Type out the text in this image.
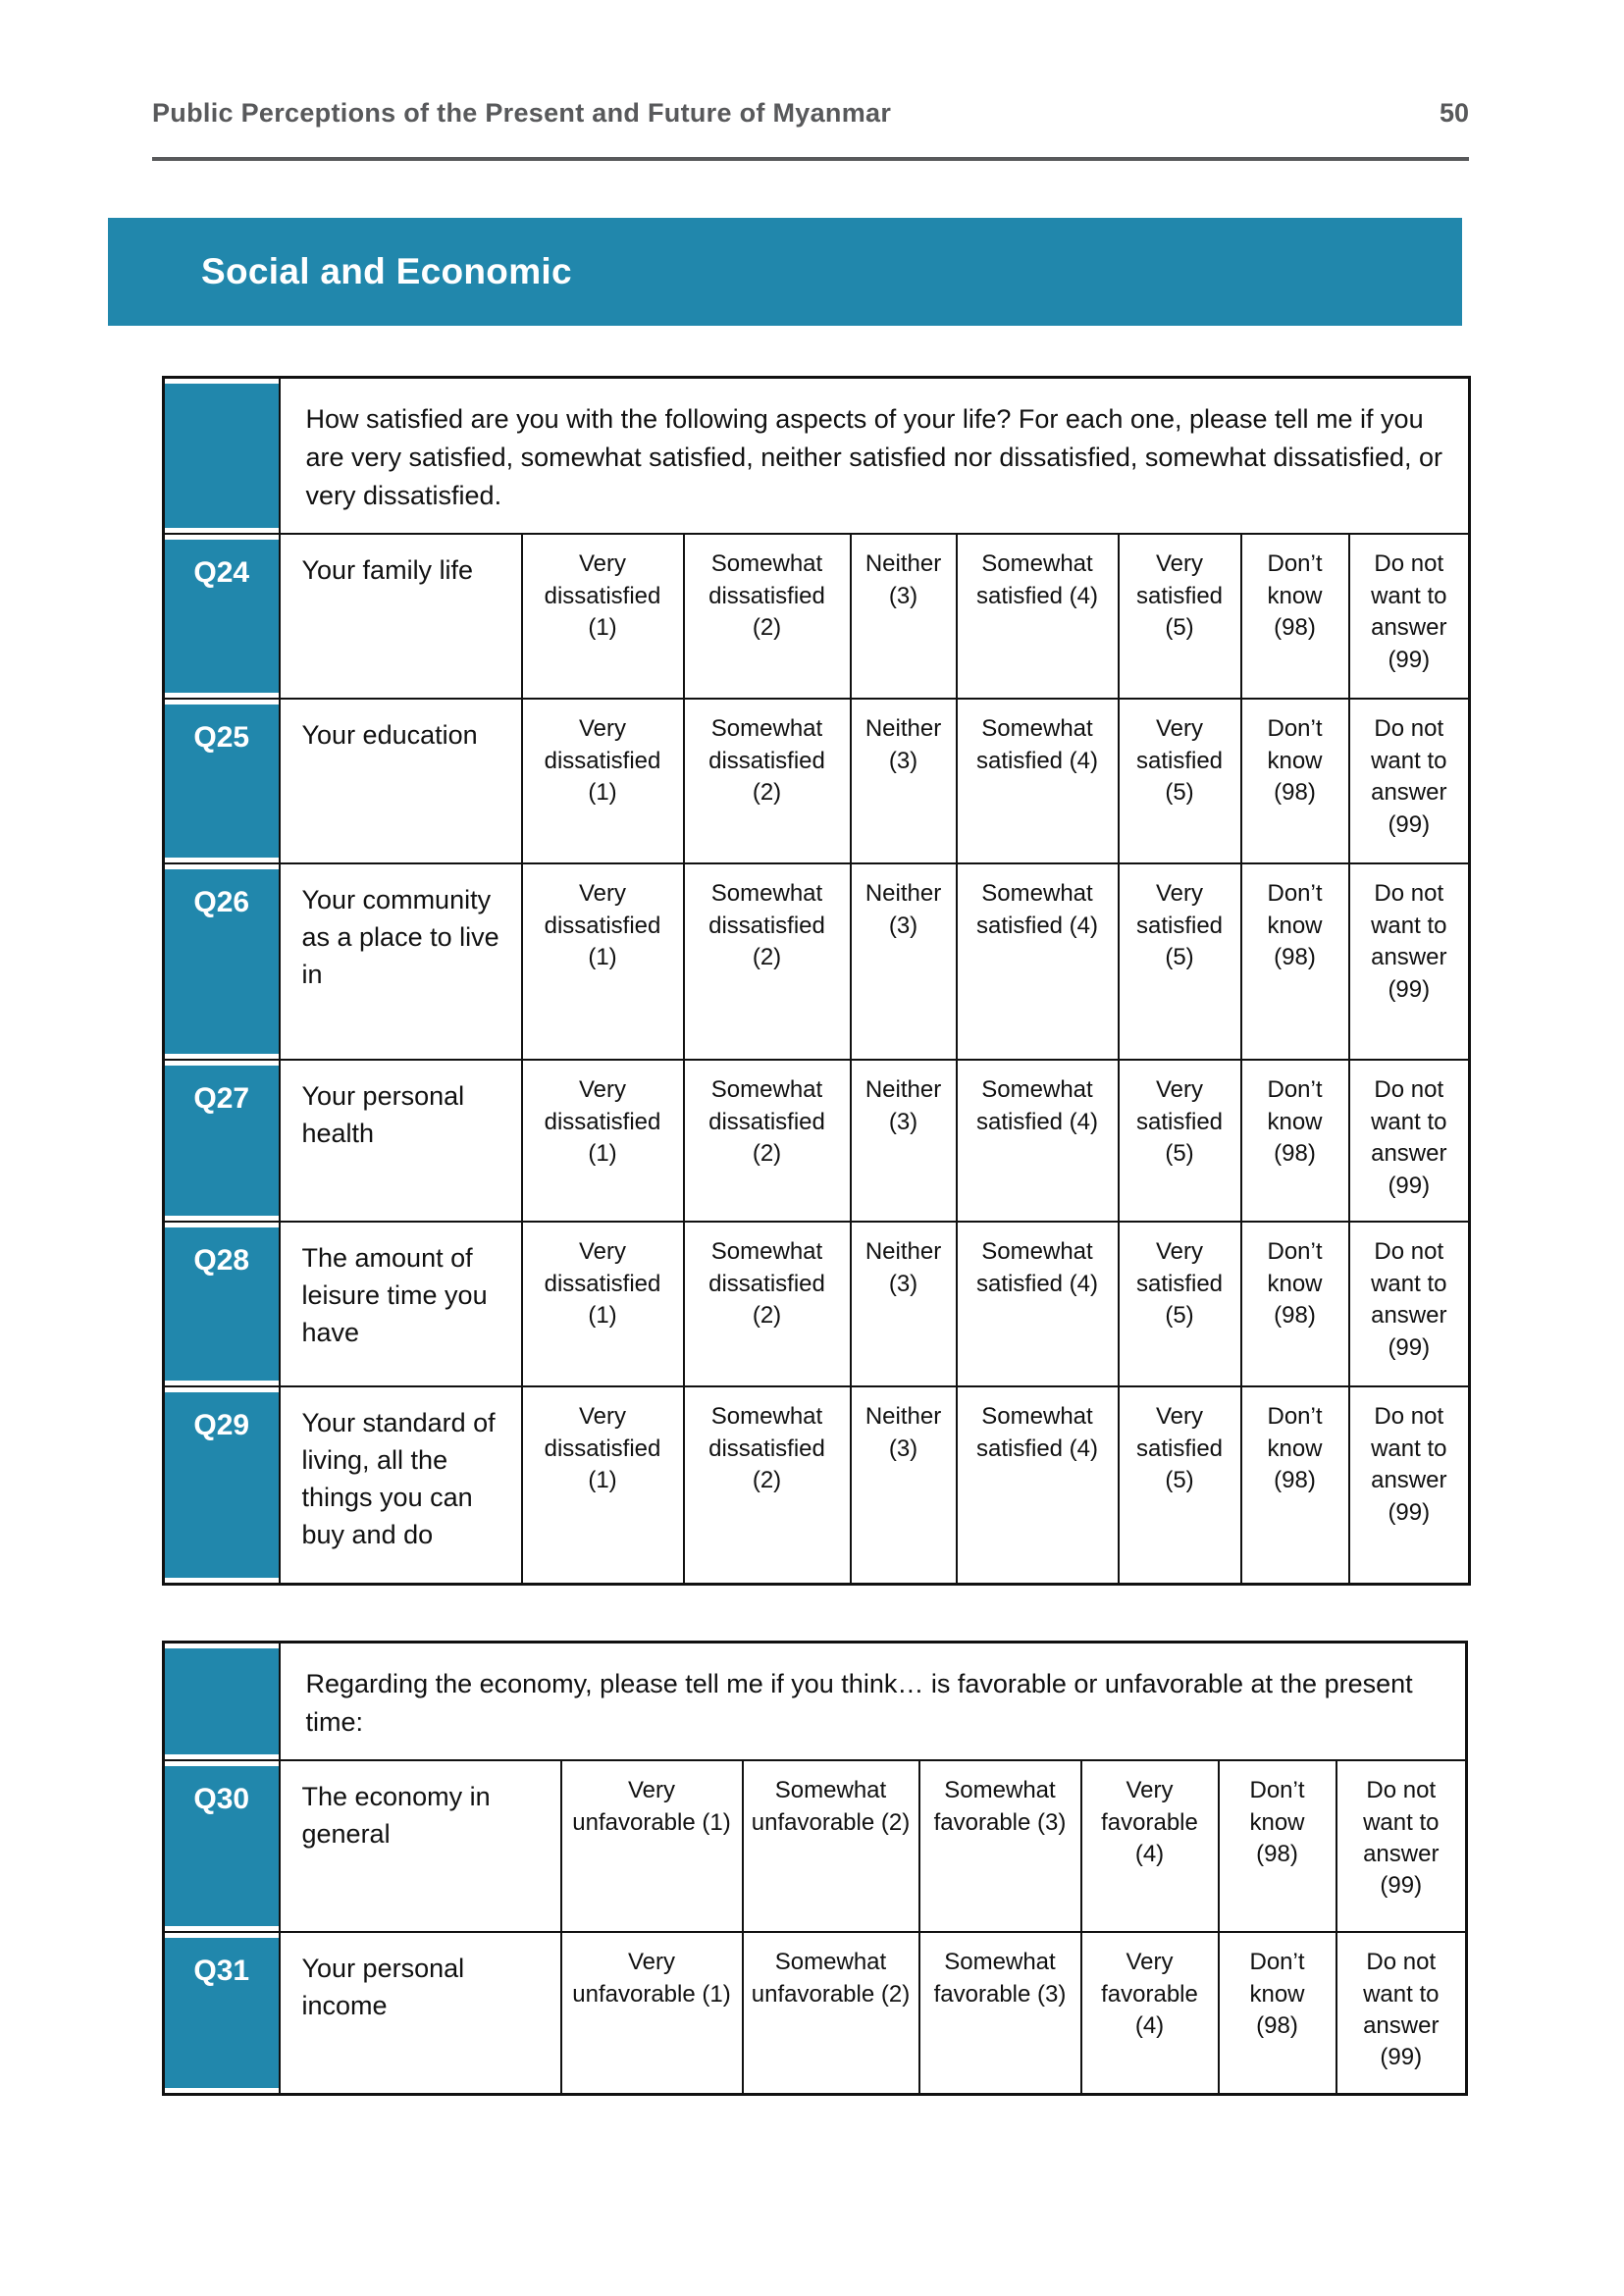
Public Perceptions of the Present and Future of Myanmar	50
Social and Economic
	How satisfied are you with the following aspects of your life? For each one, please tell me if you are very satisfied, somewhat satisfied, neither satisfied nor dissatisfied, somewhat dissatisfied, or very dissatisfied.							
Q24	Your family life	Very dissatisfied (1)	Somewhat dissatisfied (2)	Neither (3)	Somewhat satisfied (4)	Very satisfied (5)	Don’t know (98)	Do not want to answer (99)
Q25	Your education	Very dissatisfied (1)	Somewhat dissatisfied (2)	Neither (3)	Somewhat satisfied (4)	Very satisfied (5)	Don’t know (98)	Do not want to answer (99)
Q26	Your community as a place to live in	Very dissatisfied (1)	Somewhat dissatisfied (2)	Neither (3)	Somewhat satisfied (4)	Very satisfied (5)	Don’t know (98)	Do not want to answer (99)
Q27	Your personal health	Very dissatisfied (1)	Somewhat dissatisfied (2)	Neither (3)	Somewhat satisfied (4)	Very satisfied (5)	Don’t know (98)	Do not want to answer (99)
Q28	The amount of leisure time you have	Very dissatisfied (1)	Somewhat dissatisfied (2)	Neither (3)	Somewhat satisfied (4)	Very satisfied (5)	Don’t know (98)	Do not want to answer (99)
Q29	Your standard of living, all the things you can buy and do	Very dissatisfied (1)	Somewhat dissatisfied (2)	Neither (3)	Somewhat satisfied (4)	Very satisfied (5)	Don’t know (98)	Do not want to answer (99)
	Regarding the economy, please tell me if you think… is favorable or unfavorable at the present time:						
Q30	The economy in general	Very unfavorable (1)	Somewhat unfavorable (2)	Somewhat favorable (3)	Very favorable (4)	Don’t know (98)	Do not want to answer (99)
Q31	Your personal income	Very unfavorable (1)	Somewhat unfavorable (2)	Somewhat favorable (3)	Very favorable (4)	Don’t know (98)	Do not want to answer (99)
